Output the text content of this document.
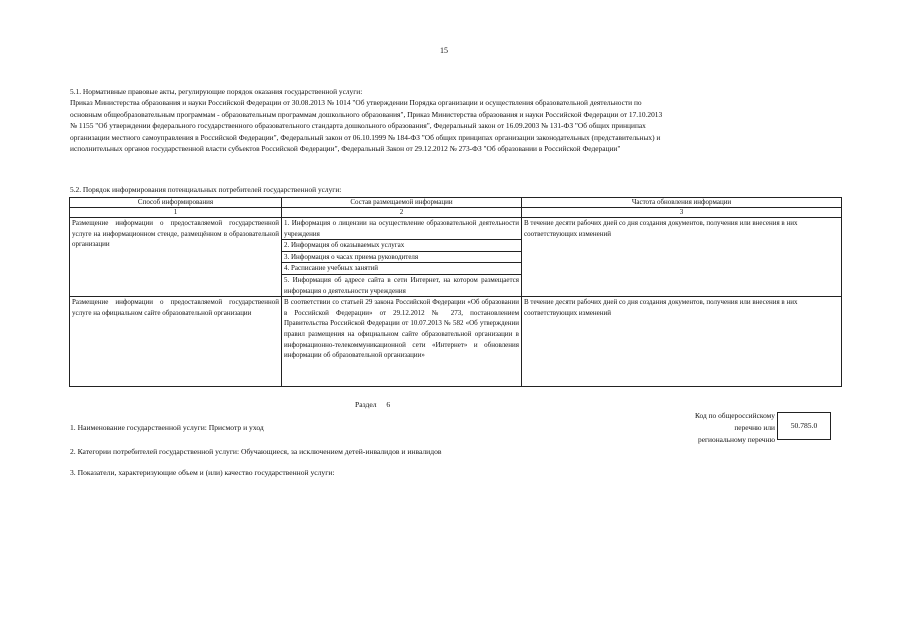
15
5.1. Нормативные правовые акты, регулирующие порядок оказания государственной услуги:
Приказ Министерства образования и науки Российской Федерации от 30.08.2013 № 1014 "Об утверждении Порядка организации и осуществления образовательной деятельности по
основным общеобразовательным программам - образовательным программам дошкольного образования", Приказ Министерства образования и науки Российской Федерации от 17.10.2013
№ 1155 "Об утверждении федерального государственного образовательного стандарта дошкольного образования", Федеральный закон от 16.09.2003 № 131-ФЗ "Об общих принципах
организации местного самоуправления в Российской Федерации", Федеральный закон от 06.10.1999 № 184-ФЗ "Об общих принципах организации законодательных (представительных) и
исполнительных органов государственной власти субъектов Российской Федерации", Федеральный Закон от 29.12.2012 № 273-ФЗ "Об образовании в Российской Федерации"
5.2. Порядок информирования потенциальных потребителей государственной услуги:
Способ информирования	Состав размещаемой информации	Частота обновления информации
1	2	3
Размещение информации о предоставляемой государственной услуге на информационном стенде, размещённом в образовательной организации	1. Информация о лицензии на осуществление образовательной деятельности учреждения
2. Информация об оказываемых услугах
3. Информация о часах приема руководителя
4. Расписание учебных занятий
5. Информация об адресе сайта в сети Интернет, на котором размещается информация о деятельности учреждения	В течение десяти рабочих дней со дня создания документов, получения или внесения в них соответствующих изменений
Размещение информации о предоставляемой государственной услуге на официальном сайте образовательной организации	В соответствии со статьей 29 закона Российской Федерации «Об образовании в Российской Федерации» от 29.12.2012 № 273, постановлением Правительства Российской Федерации от 10.07.2013 № 582 «Об утверждении правил размещения на официальном сайте образовательной организации в информационно-телекоммуникационной сети «Интернет» и обновления информации об образовательной организации»	В течение десяти рабочих дней со дня создания документов, получения или внесения в них соответствующих изменений
Раздел 6
Код по общероссийскому
перечню или
региональному перечню
50.785.0
1. Наименование государственной услуги: Присмотр и уход
2. Категории потребителей государственной услуги: Обучающиеся, за исключением детей-инвалидов и инвалидов
3. Показатели, характеризующие объем и (или) качество государственной услуги:
